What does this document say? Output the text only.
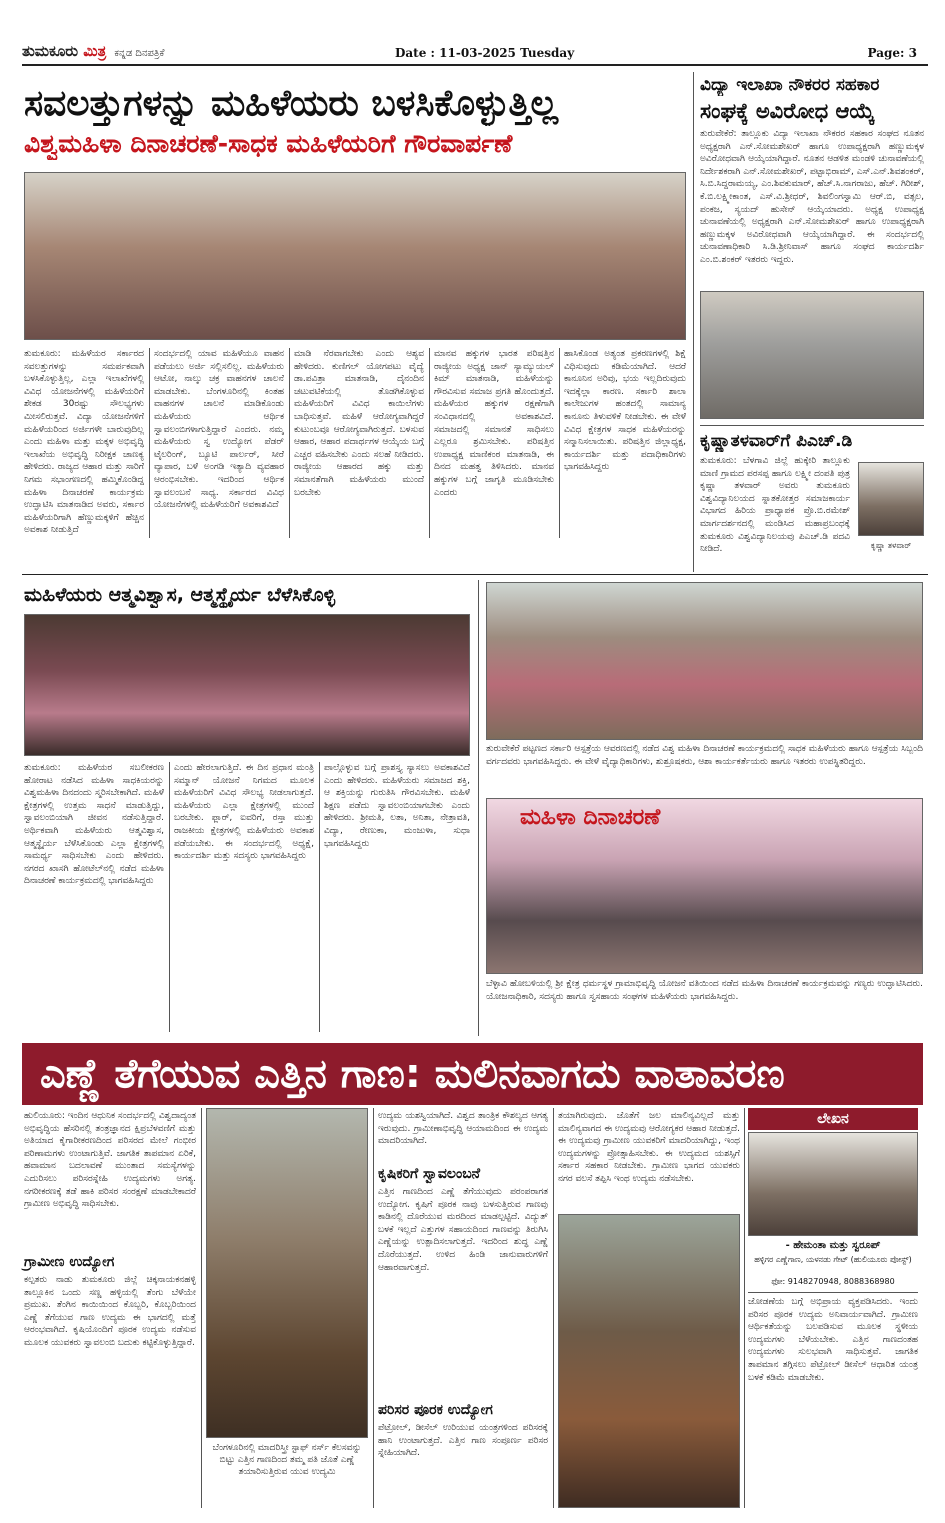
ತುಮಕೂರು ಮಿತ್ರ ಕನ್ನಡ ದಿನಪತ್ರಿಕೆ	Date : 11-03-2025 Tuesday	Page: 3
ಸವಲತ್ತುಗಳನ್ನು ಮಹಿಳೆಯರು ಬಳಸಿಕೊಳ್ಳುತ್ತಿಲ್ಲ
ವಿಶ್ವಮಹಿಳಾ ದಿನಾಚರಣೆ-ಸಾಧಕ ಮಹಿಳೆಯರಿಗೆ ಗೌರವಾರ್ಪಣೆ
ತುಮಕೂರು: ಮಹಿಳೆಯರ ಸರ್ಕಾರದ ಸವಲತ್ತುಗಳನ್ನು ಸಮರ್ಪಕವಾಗಿ ಬಳಸಿಕೊಳ್ಳುತ್ತಿಲ್ಲ, ಎಲ್ಲಾ ಇಲಾಖೆಗಳಲ್ಲಿ ವಿವಿಧ ಯೋಜನೆಗಳಲ್ಲಿ ಮಹಿಳೆಯರಿಗೆ ಶೇಕಡ 30ರಷ್ಟು ಸೌಲಭ್ಯಗಳು ಮೀಸಲಿರುತ್ತವೆ. ವಿದ್ಯಾ ಯೋಜನೆಗಳಿಗೆ ಮಹಿಳೆಯರಿಂದ ಅರ್ಜಿಗಳೇ ಬಾರುವುದಿಲ್ಲ ಎಂದು ಮಹಿಳಾ ಮತ್ತು ಮಕ್ಕಳ ಅಭಿವೃದ್ಧಿ ಇಲಾಖೆಯ ಅಭಿವೃದ್ಧಿ ನಿರೀಕ್ಷಕ ಚಾಣಕ್ಯ ಹೇಳಿದರು. ರಾಜ್ಯದ ಆಹಾರ ಮತ್ತು ಸಾರಿಗೆ ನಿಗಮ ಸಭಾಂಗಣದಲ್ಲಿ ಹಮ್ಮಿಕೊಂಡಿದ್ದ ಮಹಿಳಾ ದಿನಾಚರಣೆ ಕಾರ್ಯಕ್ರಮ ಉದ್ಘಾಟಿಸಿ ಮಾತನಾಡಿದ ಅವರು, ಸರ್ಕಾರ ಮಹಿಳೆಯರಿಗಾಗಿ ಹೆಣ್ಣುಮಕ್ಕಳಿಗೆ ಹೆಚ್ಚಿನ ಅವಕಾಶ ನೀಡುತ್ತಿದೆ
ಸಂದರ್ಭದಲ್ಲಿ ಯಾವ ಮಹಿಳೆಯೂ ವಾಹನ ಪಡೆಯಲು ಅರ್ಜಿ ಸಲ್ಲಿಸಲಿಲ್ಲ. ಮಹಿಳೆಯರು ಆಟೋ, ನಾಲ್ಕು ಚಕ್ರ ವಾಹನಗಳ ಚಾಲನೆ ಮಾಡಬೇಕು. ಬೆಂಗಳೂರಿನಲ್ಲಿ ಕಿಂತಹ ವಾಹನಗಳ ಚಾಲನೆ ಮಾಡಿಕೊಂಡು ಮಹಿಳೆಯರು ಆರ್ಥಿಕ ಸ್ವಾವಲಂಬಿಗಳಾಗುತ್ತಿದ್ದಾರೆ ಎಂದರು. ನಮ್ಮ ಮಹಿಳೆಯರು ಸ್ವ ಉದ್ಯೋಗ ಪೆಡರ್ ಟೈಲರಿಂಗ್, ಬ್ಯೂಟಿ ಪಾರ್ಲರ್, ಸೀರೆ ವ್ಯಾಪಾರ, ಬಳೆ ಅಂಗಡಿ ಇತ್ಯಾದಿ ವ್ಯವಹಾರ ಆರಂಭಿಸಬೇಕು. ಇದರಿಂದ ಆರ್ಥಿಕ ಸ್ವಾವಲಂಬನೆ ಸಾಧ್ಯ. ಸರ್ಕಾರದ ವಿವಿಧ ಯೋಜನೆಗಳಲ್ಲಿ ಮಹಿಳೆಯರಿಗೆ ಅವಕಾಶವಿದೆ
ಮಾಡಿ ನೆರವಾಗಬೇಕು ಎಂದು ಆಶ್ಯವ ಹೇಳಿದರು. ಕುಣಿಗಲ್ ಯೋಗಪಟು ವೈದ್ಯೆ ಡಾ.ಪವಿತ್ರಾ ಮಾತನಾಡಿ, ದೈನಂದಿನ ಚಟುವಟಿಕೆಯಲ್ಲಿ ತೊಡಗಿಕೊಳ್ಳುವ ಮಹಿಳೆಯರಿಗೆ ವಿವಿಧ ಕಾಯಿಲೆಗಳು ಬಾಧಿಸುತ್ತವೆ. ಮಹಿಳೆ ಆರೋಗ್ಯವಾಗಿದ್ದರೆ ಕುಟುಂಬವೂ ಆರೋಗ್ಯವಾಗಿರುತ್ತದೆ. ಬಳಸುವ ಆಹಾರ, ಆಹಾರ ಪದಾರ್ಥಗಳ ಆಯ್ಕೆಯ ಬಗ್ಗೆ ಎಚ್ಚರ ವಹಿಸಬೇಕು ಎಂದು ಸಲಹೆ ನೀಡಿದರು. ರಾಜ್ಯೀಯ ಆಹಾರದ ಹಕ್ಕು ಮತ್ತು ಸಮಾನತೆಗಾಗಿ ಮಹಿಳೆಯರು ಮುಂದೆ ಬರಬೇಕು
ಮಾನವ ಹಕ್ಕುಗಳ ಭಾರತ ಪರಿಷತ್ತಿನ ರಾಜ್ಯೀಯ ಅಧ್ಯಕ್ಷ ಜಾನ್ ಸ್ಯಾಮ್ಯುಯಲ್ ಕಿಮ್ ಮಾತನಾಡಿ, ಮಹಿಳೆಯನ್ನು ಗೌರವಿಸುವ ಸಮಾಜ ಪ್ರಗತಿ ಹೊಂದುತ್ತದೆ. ಮಹಿಳೆಯರ ಹಕ್ಕುಗಳ ರಕ್ಷಣೆಗಾಗಿ ಸಂವಿಧಾನದಲ್ಲಿ ಅವಕಾಶವಿದೆ. ಸಮಾಜದಲ್ಲಿ ಸಮಾನತೆ ಸಾಧಿಸಲು ಎಲ್ಲರೂ ಶ್ರಮಿಸಬೇಕು. ಪರಿಷತ್ತಿನ ಉಪಾಧ್ಯಕ್ಷ ಮಾಣಿಕಂಠ ಮಾತನಾಡಿ, ಈ ದಿನದ ಮಹತ್ವ ತಿಳಿಸಿದರು. ಮಾನವ ಹಕ್ಕುಗಳ ಬಗ್ಗೆ ಜಾಗೃತಿ ಮೂಡಿಸಬೇಕು ಎಂದರು
ಹಾಸಿಕೊಂಡ ಅತ್ಯಂತ ಪ್ರಕರಣಗಳಲ್ಲಿ ಶಿಕ್ಷೆ ವಿಧಿಸುವುದು ಕಡಿಮೆಯಾಗಿದೆ. ಆದರೆ ಕಾನೂನಿನ ಅರಿವು, ಭಯ ಇಲ್ಲದಿರುವುದು ಇದಕ್ಕೆಲ್ಲಾ ಕಾರಣ. ಸರ್ಕಾರಿ ಶಾಲಾ ಕಾಲೇಜುಗಳ ಹಂತದಲ್ಲಿ ಸಾಮಾನ್ಯ ಕಾನೂನು ತಿಳುವಳಿಕೆ ನೀಡಬೇಕು. ಈ ವೇಳೆ ವಿವಿಧ ಕ್ಷೇತ್ರಗಳ ಸಾಧಕ ಮಹಿಳೆಯರನ್ನು ಸನ್ಮಾನಿಸಲಾಯಿತು. ಪರಿಷತ್ತಿನ ಜಿಲ್ಲಾಧ್ಯಕ್ಷ, ಕಾರ್ಯದರ್ಶಿ ಮತ್ತು ಪದಾಧಿಕಾರಿಗಳು ಭಾಗವಹಿಸಿದ್ದರು
ವಿದ್ಯಾ ಇಲಾಖಾ ನೌಕರರ ಸಹಕಾರ
ಸಂಘಕ್ಕೆ ಅವಿರೋಧ ಆಯ್ಕೆ
ತುರುವೇಕೆರೆ: ತಾಲ್ಲೂಕು ವಿದ್ಯಾ ಇಲಾಖಾ ನೌಕರರ ಸಹಕಾರ ಸಂಘದ ನೂತನ ಅಧ್ಯಕ್ಷರಾಗಿ ಎನ್.ಸೋಮಶೇಖರ್ ಹಾಗೂ ಉಪಾಧ್ಯಕ್ಷರಾಗಿ ಹಣ್ಣುಮಕ್ಕಳ ಅವಿರೋಧವಾಗಿ ಆಯ್ಕೆಯಾಗಿದ್ದಾರೆ. ನೂತನ ಆಡಳಿತ ಮಂಡಳಿ ಚುನಾವಣೆಯಲ್ಲಿ ನಿರ್ದೇಶಕರಾಗಿ ಎನ್.ಸೋಮಶೇಖರ್, ಪಟ್ಟಾಭಿರಾಮ್, ಎಸ್.ಎನ್.ಶಿವಶಂಕರ್, ಸಿ.ಬಿ.ಸಿದ್ದರಾಮಯ್ಯ, ಎಂ.ಶಿವಕುಮಾರ್, ಹೆಚ್.ಸಿ.ನಾಗರಾಜು, ಹೆಚ್. ಗಿರೀಶ್, ಕೆ.ಬಿ.ಲಕ್ಷ್ಮೀಕಾಂತ, ಎಸ್.ವಿ.ಶ್ರೀಧರ್, ಶಿವಲಿಂಗಸ್ವಾಮಿ ಆರ್.ಬಿ, ವತ್ಸಲ, ಪಂಕಜ, ಸ್ಯಯದ್ ಹುಸೇನ್ ಆಯ್ಕೆಯಾದರು. ಅಧ್ಯಕ್ಷ ಉಪಾಧ್ಯಕ್ಷ ಚುನಾವಣೆಯಲ್ಲಿ ಅಧ್ಯಕ್ಷರಾಗಿ ಎನ್.ಸೋಮಶೇಖರ್ ಹಾಗೂ ಉಪಾಧ್ಯಕ್ಷರಾಗಿ ಹಣ್ಣುಮಕ್ಕಳ ಅವಿರೋಧವಾಗಿ ಆಯ್ಕೆಯಾಗಿದ್ದಾರೆ. ಈ ಸಂದರ್ಭದಲ್ಲಿ ಚುನಾವಣಾಧಿಕಾರಿ ಸಿ.ಡಿ.ಶ್ರೀನಿವಾಸ್ ಹಾಗೂ ಸಂಘದ ಕಾರ್ಯದರ್ಶಿ ಎಂ.ಬಿ.ಶಂಕರ್ ಇತರರು ಇದ್ದರು.
ಕೃಷ್ಣಾತಳವಾರ್‌ಗೆ ಪಿಎಚ್.ಡಿ
ತುಮಕೂರು: ಬೆಳಗಾವಿ ಜಿಲ್ಲೆ ಹುಕ್ಕೇರಿ ತಾಲ್ಲೂಕು ಮಾಣಿ ಗ್ರಾಮದ ಪರಸಪ್ಪ ಹಾಗೂ ಲಕ್ಷ್ಮೀ ದಂಪತಿ ಪುತ್ರ ಕೃಷ್ಣಾ ತಳವಾರ್ ಅವರು ತುಮಕೂರು ವಿಶ್ವವಿದ್ಯಾನಿಲಯದ ಸ್ನಾತಕೋತ್ತರ ಸಮಾಜಕಾರ್ಯ ವಿಭಾಗದ ಹಿರಿಯ ಪ್ರಾಧ್ಯಾಪಕ ಪ್ರೊ.ಬಿ.ರಮೇಶ್ ಮಾರ್ಗದರ್ಶನದಲ್ಲಿ ಮಂಡಿಸಿದ ಮಹಾಪ್ರಬಂಧಕ್ಕೆ ತುಮಕೂರು ವಿಶ್ವವಿದ್ಯಾನಿಲಯವು ಪಿಎಚ್.ಡಿ ಪದವಿ ನೀಡಿದೆ.	ಕೃಷ್ಣಾ ತಳವಾರ್
ಮಹಿಳೆಯರು ಆತ್ಮವಿಶ್ವಾಸ, ಆತ್ಮಸ್ಥೈರ್ಯ ಬೆಳೆಸಿಕೊಳ್ಳಿ
ತುಮಕೂರು: ಮಹಿಳೆಯರ ಸಬಲೀಕರಣ ಹೋರಾಟ ನಡೆಸಿದ ಮಹಿಳಾ ಸಾಧಕಿಯರನ್ನು ವಿಶ್ವಮಹಿಳಾ ದಿನದಂದು ಸ್ಮರಿಸಬೇಕಾಗಿದೆ. ಮಹಿಳೆ ಕ್ಷೇತ್ರಗಳಲ್ಲಿ ಉತ್ತಮ ಸಾಧನೆ ಮಾಡುತ್ತಿದ್ದು, ಸ್ವಾವಲಂಬಿಯಾಗಿ ಜೀವನ ನಡೆಸುತ್ತಿದ್ದಾರೆ. ಅರ್ಥಿಕವಾಗಿ ಮಹಿಳೆಯರು ಆತ್ಮವಿಶ್ವಾಸ, ಆತ್ಮಸ್ಥೈರ್ಯ ಬೆಳೆಸಿಕೊಂಡು ಎಲ್ಲಾ ಕ್ಷೇತ್ರಗಳಲ್ಲಿ ಸಾಮರ್ಥ್ಯ ಸಾಧಿಸಬೇಕು ಎಂದು ಹೇಳಿದರು. ನಗರದ ಖಾಸಗಿ ಹೋಟೆಲ್‌ನಲ್ಲಿ ನಡೆದ ಮಹಿಳಾ ದಿನಾಚರಣೆ ಕಾರ್ಯಕ್ರಮದಲ್ಲಿ ಭಾಗವಹಿಸಿದ್ದರು
ಎಂದು ಹೇರಲಾಗುತ್ತಿದೆ. ಈ ದಿನ ಪ್ರಧಾನ ಮಂತ್ರಿ ಸಮ್ಮಾನ್ ಯೋಜನೆ ನಿಗಮದ ಮೂಲಕ ಮಹಿಳೆಯರಿಗೆ ವಿವಿಧ ಸೌಲಭ್ಯ ನೀಡಲಾಗುತ್ತದೆ. ಮಹಿಳೆಯರು ಎಲ್ಲಾ ಕ್ಷೇತ್ರಗಳಲ್ಲಿ ಮುಂದೆ ಬರಬೇಕು. ಫ್ಲಾರ್, ಐವರಿಗೆ, ರಸ್ತಾ ಮುತ್ತು ರಾಜಕೀಯ ಕ್ಷೇತ್ರಗಳಲ್ಲಿ ಮಹಿಳೆಯರು ಅವಕಾಶ ಪಡೆಯಬೇಕು. ಈ ಸಂದರ್ಭದಲ್ಲಿ ಅಧ್ಯಕ್ಷೆ, ಕಾರ್ಯದರ್ಶಿ ಮತ್ತು ಸದಸ್ಯರು ಭಾಗವಹಿಸಿದ್ದರು
ಪಾಲ್ಗೊಳ್ಳುವ ಬಗ್ಗೆ ಪ್ರಾಶಸ್ತ್ಯ ಸ್ಯಾಸಲು ಅವಕಾಶವಿದೆ ಎಂದು ಹೇಳಿದರು. ಮಹಿಳೆಯರು ಸಮಾಜದ ಶಕ್ತಿ, ಆ ಶಕ್ತಿಯನ್ನು ಗುರುತಿಸಿ ಗೌರವಿಸಬೇಕು. ಮಹಿಳೆ ಶಿಕ್ಷಣ ಪಡೆದು ಸ್ವಾವಲಂಬಿಯಾಗಬೇಕು ಎಂದು ಹೇಳಿದರು. ಶ್ರೀಮತಿ, ಲತಾ, ಅನಿತಾ, ನೇತ್ರಾವತಿ, ವಿದ್ಯಾ, ರೇಣುಕಾ, ಮಂಜುಳಾ, ಸುಧಾ ಭಾಗವಹಿಸಿದ್ದರು
ತುರುವೇಕೆರೆ ಪಟ್ಟಣದ ಸರ್ಕಾರಿ ಆಸ್ಪತ್ರೆಯ ಆವರಣದಲ್ಲಿ ನಡೆದ ವಿಶ್ವ ಮಹಿಳಾ ದಿನಾಚರಣೆ ಕಾರ್ಯಕ್ರಮದಲ್ಲಿ ಸಾಧಕ ಮಹಿಳೆಯರು ಹಾಗೂ ಆಸ್ಪತ್ರೆಯ ಸಿಬ್ಬಂದಿ ವರ್ಗದವರು ಭಾಗವಹಿಸಿದ್ದರು. ಈ ವೇಳೆ ವೈದ್ಯಾಧಿಕಾರಿಗಳು, ಶುಶ್ರೂಷಕರು, ಆಶಾ ಕಾರ್ಯಕರ್ತೆಯರು ಹಾಗೂ ಇತರರು ಉಪಸ್ಥಿತರಿದ್ದರು.
ಮಹಿಳಾ ದಿನಾಚರಣೆ
ಬೆಳ್ಳಾವಿ ಹೋಬಳಿಯಲ್ಲಿ ಶ್ರೀ ಕ್ಷೇತ್ರ ಧರ್ಮಸ್ಥಳ ಗ್ರಾಮಾಭಿವೃದ್ಧಿ ಯೋಜನೆ ವತಿಯಿಂದ ನಡೆದ ಮಹಿಳಾ ದಿನಾಚರಣೆ ಕಾರ್ಯಕ್ರಮವನ್ನು ಗಣ್ಯರು ಉದ್ಘಾಟಿಸಿದರು. ಯೋಜನಾಧಿಕಾರಿ, ಸದಸ್ಯರು ಹಾಗೂ ಸ್ವಸಹಾಯ ಸಂಘಗಳ ಮಹಿಳೆಯರು ಭಾಗವಹಿಸಿದ್ದರು.
ಎಣ್ಣೆ ತೆಗೆಯುವ ಎತ್ತಿನ ಗಾಣ: ಮಲಿನವಾಗದು ವಾತಾವರಣ
ಹುಲಿಯೂರು: ಇಂದಿನ ಆಧುನಿಕ ಸಂದರ್ಭದಲ್ಲಿ ವಿಶ್ವದಾದ್ಯಂತ ಅಭಿವೃದ್ಧಿಯ ಹೆಸರಿನಲ್ಲಿ ತಂತ್ರಜ್ಞಾನದ ಕ್ಷಿಪ್ರಬೆಳವಣಿಗೆ ಮತ್ತು ಅತಿಯಾದ ಕೈಗಾರೀಕರಣದಿಂದ ಪರಿಸರದ ಮೇಲೆ ಗಂಭೀರ ಪರಿಣಾಮಗಳು ಉಂಟಾಗುತ್ತಿವೆ. ಜಾಗತಿಕ ತಾಪಮಾನ ಏರಿಕೆ, ಹವಾಮಾನ ಬದಲಾವಣೆ ಮುಂತಾದ ಸಮಸ್ಯೆಗಳನ್ನು ಎದುರಿಸಲು ಪರಿಸರಸ್ನೇಹಿ ಉದ್ಯಮಗಳು ಅಗತ್ಯ. ನಗರೀಕರಣಕ್ಕೆ ತಡೆ ಹಾಕಿ ಪರಿಸರ ಸಂರಕ್ಷಣೆ ಮಾಡಬೇಕಾದರೆ ಗ್ರಾಮೀಣ ಅಭಿವೃದ್ಧಿ ಸಾಧಿಸಬೇಕು.
ಗ್ರಾಮೀಣ ಉದ್ಯೋಗ
ಕಲ್ಪತರು ನಾಡು ತುಮಕೂರು ಜಿಲ್ಲೆ ಚಿಕ್ಕನಾಯಕನಹಳ್ಳಿ ತಾಲ್ಲೂಕಿನ ಒಂದು ಸಣ್ಣ ಹಳ್ಳಿಯಲ್ಲಿ ತೆಂಗು ಬೆಳೆಯೇ ಪ್ರಮುಖ. ತೆಂಗಿನ ಕಾಯಿಯಿಂದ ಕೊಬ್ಬರಿ, ಕೊಬ್ಬರಿಯಿಂದ ಎಣ್ಣೆ ತೆಗೆಯುವ ಗಾಣ ಉದ್ಯಮ ಈ ಭಾಗದಲ್ಲಿ ಮತ್ತೆ ಆರಂಭವಾಗಿದೆ. ಕೃಷಿಯೊಂದಿಗೆ ಪೂರಕ ಉದ್ಯಮ ನಡೆಸುವ ಮೂಲಕ ಯುವಕರು ಸ್ವಾವಲಂಬಿ ಬದುಕು ಕಟ್ಟಿಕೊಳ್ಳುತ್ತಿದ್ದಾರೆ.
ಬೆಂಗಳೂರಿನಲ್ಲಿ ಮಾದರಿಸ್ತ್ರೀ ಸ್ಟಾಫ್ ನರ್ಸ್ ಕೆಲಸವನ್ನು ಬಿಟ್ಟು ಎತ್ತಿನ ಗಾಣದಿಂದ ತಮ್ಮ ಪತಿ ಜೊತೆ ಎಣ್ಣೆ ತಯಾರಿಸುತ್ತಿರುವ ಯುವ ಉದ್ಯಮಿ
ಉದ್ಯಮ ಯಶಸ್ವಿಯಾಗಿದೆ. ವಿಶ್ವದ ತಾಂತ್ರಿಕ ಕೌಶಲ್ಯದ ಆಗತ್ಯ ಇರುವುದು. ಗ್ರಾಮೀಣಾಭಿವೃದ್ಧಿ ಆಯಾಮದಿಂದ ಈ ಉದ್ಯಮ ಮಾದರಿಯಾಗಿದೆ.
ಕೃಷಿಕರಿಗೆ ಸ್ವಾವಲಂಬನೆ
ಎತ್ತಿನ ಗಾಣದಿಂದ ಎಣ್ಣೆ ತೆಗೆಯುವುದು ಪರಂಪರಾಗತ ಉದ್ಯೋಗ. ಕೃಷಿಗೆ ಪೂರಕ ನಾವು ಬಳಸುತ್ತಿರುವ ಗಾಣವು ಕಾಡಿನಲ್ಲಿ ದೊರೆಯುವ ಮರದಿಂದ ಮಾಡಲ್ಪಟ್ಟಿದೆ. ವಿದ್ಯುತ್ ಬಳಕೆ ಇಲ್ಲದೆ ಎತ್ತುಗಳ ಸಹಾಯದಿಂದ ಗಾಣವನ್ನು ತಿರುಗಿಸಿ ಎಣ್ಣೆಯನ್ನು ಉತ್ಪಾದಿಸಲಾಗುತ್ತದೆ. ಇದರಿಂದ ಶುದ್ಧ ಎಣ್ಣೆ ದೊರೆಯುತ್ತದೆ. ಉಳಿದ ಹಿಂಡಿ ಜಾನುವಾರುಗಳಿಗೆ ಆಹಾರವಾಗುತ್ತದೆ.
ಪರಿಸರ ಪೂರಕ ಉದ್ಯೋಗ
ಪೆಟ್ರೋಲ್, ಡೀಸೆಲ್ ಉರಿಯುವ ಯಂತ್ರಗಳಿಂದ ಪರಿಸರಕ್ಕೆ ಹಾನಿ ಉಂಟಾಗುತ್ತದೆ. ಎತ್ತಿನ ಗಾಣ ಸಂಪೂರ್ಣ ಪರಿಸರ ಸ್ನೇಹಿಯಾಗಿದೆ.
ತಯಾಗಿರುವುದು. ಜೊತೆಗೆ ಜಲ ಮಾಲಿನ್ಯವಿಲ್ಲದೆ ಮತ್ತು ಮಾಲಿನ್ಯವಾಗದ ಈ ಉದ್ಯಮವು ಆರೋಗ್ಯಕರ ಆಹಾರ ನೀಡುತ್ತದೆ. ಈ ಉದ್ಯಮವು ಗ್ರಾಮೀಣ ಯುವಕರಿಗೆ ಮಾದರಿಯಾಗಿದ್ದು, ಇಂಥ ಉದ್ಯಮಗಳನ್ನು ಪ್ರೋತ್ಸಾಹಿಸಬೇಕು. ಈ ಉದ್ಯಮದ ಯಶಸ್ಸಿಗೆ ಸರ್ಕಾರ ಸಹಕಾರ ನೀಡಬೇಕು. ಗ್ರಾಮೀಣ ಭಾಗದ ಯುವಕರು ನಗರ ವಲಸೆ ತಪ್ಪಿಸಿ ಇಂಥ ಉದ್ಯಮ ನಡೆಸಬೇಕು.
ಲೇಖನ
- ಹೇಮಂತಾ ಮತ್ತು ಸ್ವರೂಪ್
ಹಳ್ಳಿಗರ ಎಣ್ಣೆಗಾಣ, ಯಳನಡು ಗೇಟ್ (ಹುಲಿಯೂರು ಪೋಸ್ಟ್)
ಫೋ: 9148270948, 8088368980
ಜೋಡಣೆಯ ಬಗ್ಗೆ ಅಭಿಪ್ರಾಯ ವ್ಯಕ್ತಪಡಿಸಿದರು. ಇಂದು ಪರಿಸರ ಪೂರಕ ಉದ್ಯಮ ಅನಿವಾರ್ಯವಾಗಿದೆ. ಗ್ರಾಮೀಣ ಆರ್ಥಿಕತೆಯನ್ನು ಬಲಪಡಿಸುವ ಮೂಲಕ ಸ್ಥಳೀಯ ಉದ್ಯಮಗಳು ಬೆಳೆಯಬೇಕು. ಎತ್ತಿನ ಗಾಣದಂತಹ ಉದ್ಯಮಗಳು ಸುಲಭವಾಗಿ ಸಾಧಿಸುತ್ತವೆ. ಜಾಗತಿಕ ತಾಪಮಾನ ತಗ್ಗಿಸಲು ಪೆಟ್ರೋಲ್ ಡೀಸೆಲ್ ಆಧಾರಿತ ಯಂತ್ರ ಬಳಕೆ ಕಡಿಮೆ ಮಾಡಬೇಕು.
